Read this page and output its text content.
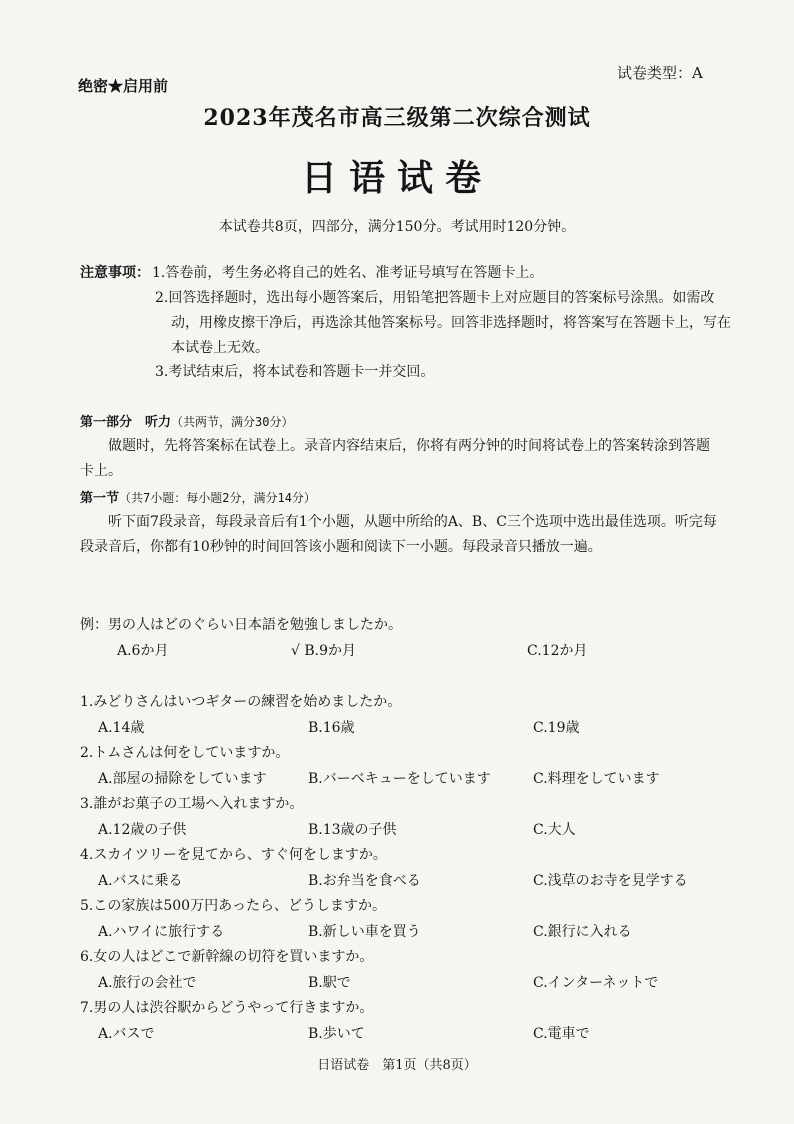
绝密★启用前
试卷类型：A
2023年茂名市高三级第二次综合测试
日语试卷
本试卷共8页，四部分，满分150分。考试用时120分钟。
注意事项： 1.答卷前，考生务必将自己的姓名、准考证号填写在答题卡上。
2.回答选择题时，选出每小题答案后，用铅笔把答题卡上对应题目的答案标号涂黑。如需改动，用橡皮擦干净后，再选涂其他答案标号。回答非选择题时，将答案写在答题卡上，写在本试卷上无效。
3.考试结束后，将本试卷和答题卡一并交回。
第一部分　听力（共两节，满分30分）
做题时，先将答案标在试卷上。录音内容结束后，你将有两分钟的时间将试卷上的答案转涂到答题卡上。
第一节（共7小题：每小题2分，满分14分）
听下面7段录音，每段录音后有1个小题，从题中所给的A、B、C三个选项中选出最佳选项。听完每段录音后，你都有10秒钟的时间回答该小题和阅读下一小题。每段录音只播放一遍。
例：男の人はどのぐらい日本語を勉強しましたか。
A.6か月	√ B.9か月	C.12か月
1.みどりさんはいつギターの練習を始めましたか。
A.14歳	B.16歳	C.19歳
2.トムさんは何をしていますか。
A.部屋の掃除をしています	B.バーベキューをしています	C.料理をしています
3.誰がお菓子の工場へ入れますか。
A.12歳の子供	B.13歳の子供	C.大人
4.スカイツリーを見てから、すぐ何をしますか。
A.バスに乗る	B.お弁当を食べる	C.浅草のお寺を見学する
5.この家族は500万円あったら、どうしますか。
A.ハワイに旅行する	B.新しい車を買う	C.銀行に入れる
6.女の人はどこで新幹線の切符を買いますか。
A.旅行の会社で	B.駅で	C.インターネットで
7.男の人は渋谷駅からどうやって行きますか。
A.バスで	B.歩いて	C.電車で
日语试卷　第1页（共8页）
